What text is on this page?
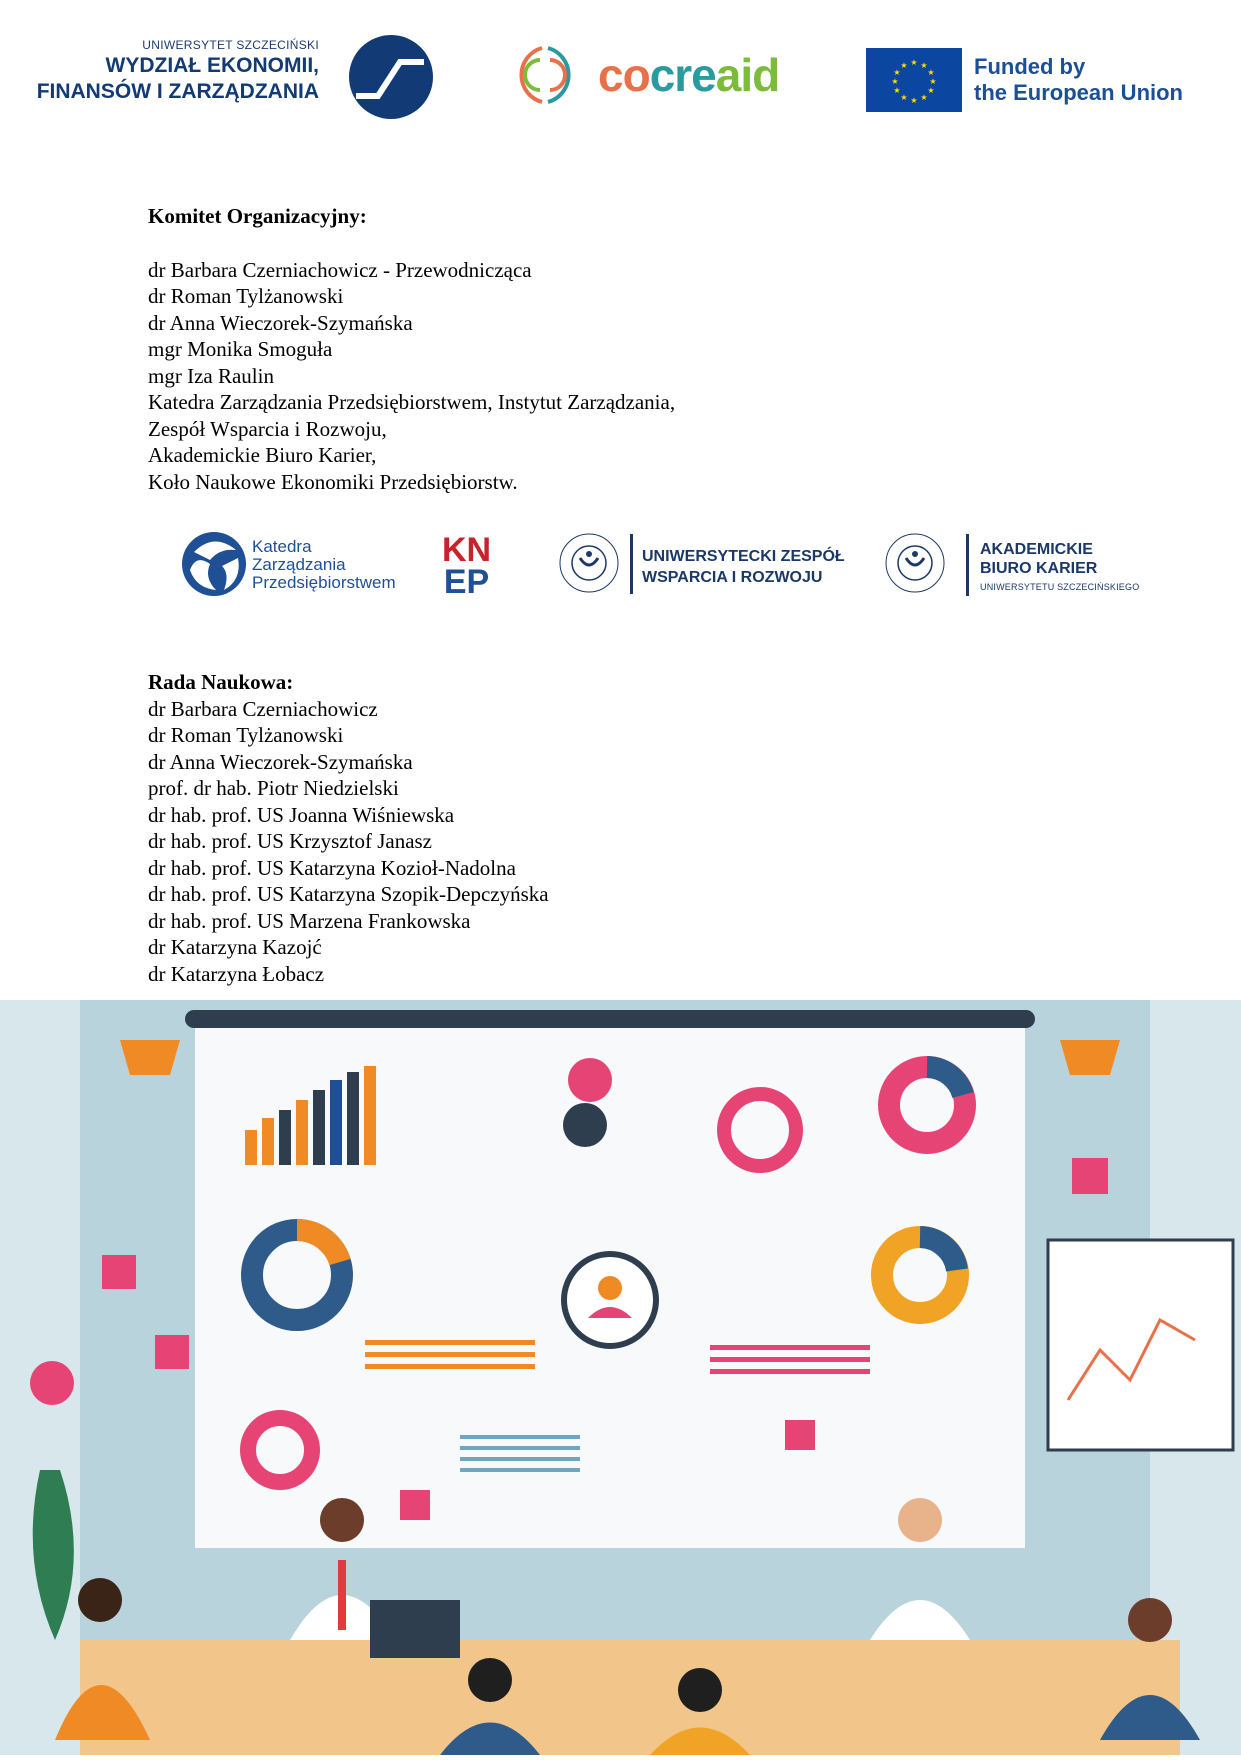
UNIWERSYTET SZCZECIŃSKI
WYDZIAŁ EKONOMII,
FINANSÓW I ZARZĄDZANIA	cocreaid	★ ★
★
★
★
★
★
★
★
★
★
★	Funded by
the European Union
Komitet Organizacyjny:
dr Barbara Czerniachowicz - Przewodnicząca
dr Roman Tylżanowski
dr Anna Wieczorek-Szymańska
mgr Monika Smoguła
mgr Iza Raulin
Katedra Zarządzania Przedsiębiorstwem, Instytut Zarządzania,
Zespół Wsparcia i Rozwoju,
Akademickie Biuro Karier,
Koło Naukowe Ekonomiki Przedsiębiorstw.
Katedra
Zarządzania
Przedsiębiorstwem
KN
EP
UNIWERSYTECKI ZESPÓŁ
WSPARCIA I ROZWOJU
AKADEMICKIE
BIURO KARIER
UNIWERSYTETU SZCZECIŃSKIEGO
Rada Naukowa:
dr Barbara Czerniachowicz
dr Roman Tylżanowski
dr Anna Wieczorek-Szymańska
prof. dr hab. Piotr Niedzielski
dr hab. prof. US Joanna Wiśniewska
dr hab. prof. US Krzysztof Janasz
dr hab. prof. US Katarzyna Kozioł-Nadolna
dr hab. prof. US Katarzyna Szopik-Depczyńska
dr hab. prof. US Marzena Frankowska
dr Katarzyna Kazojć
dr Katarzyna Łobacz
